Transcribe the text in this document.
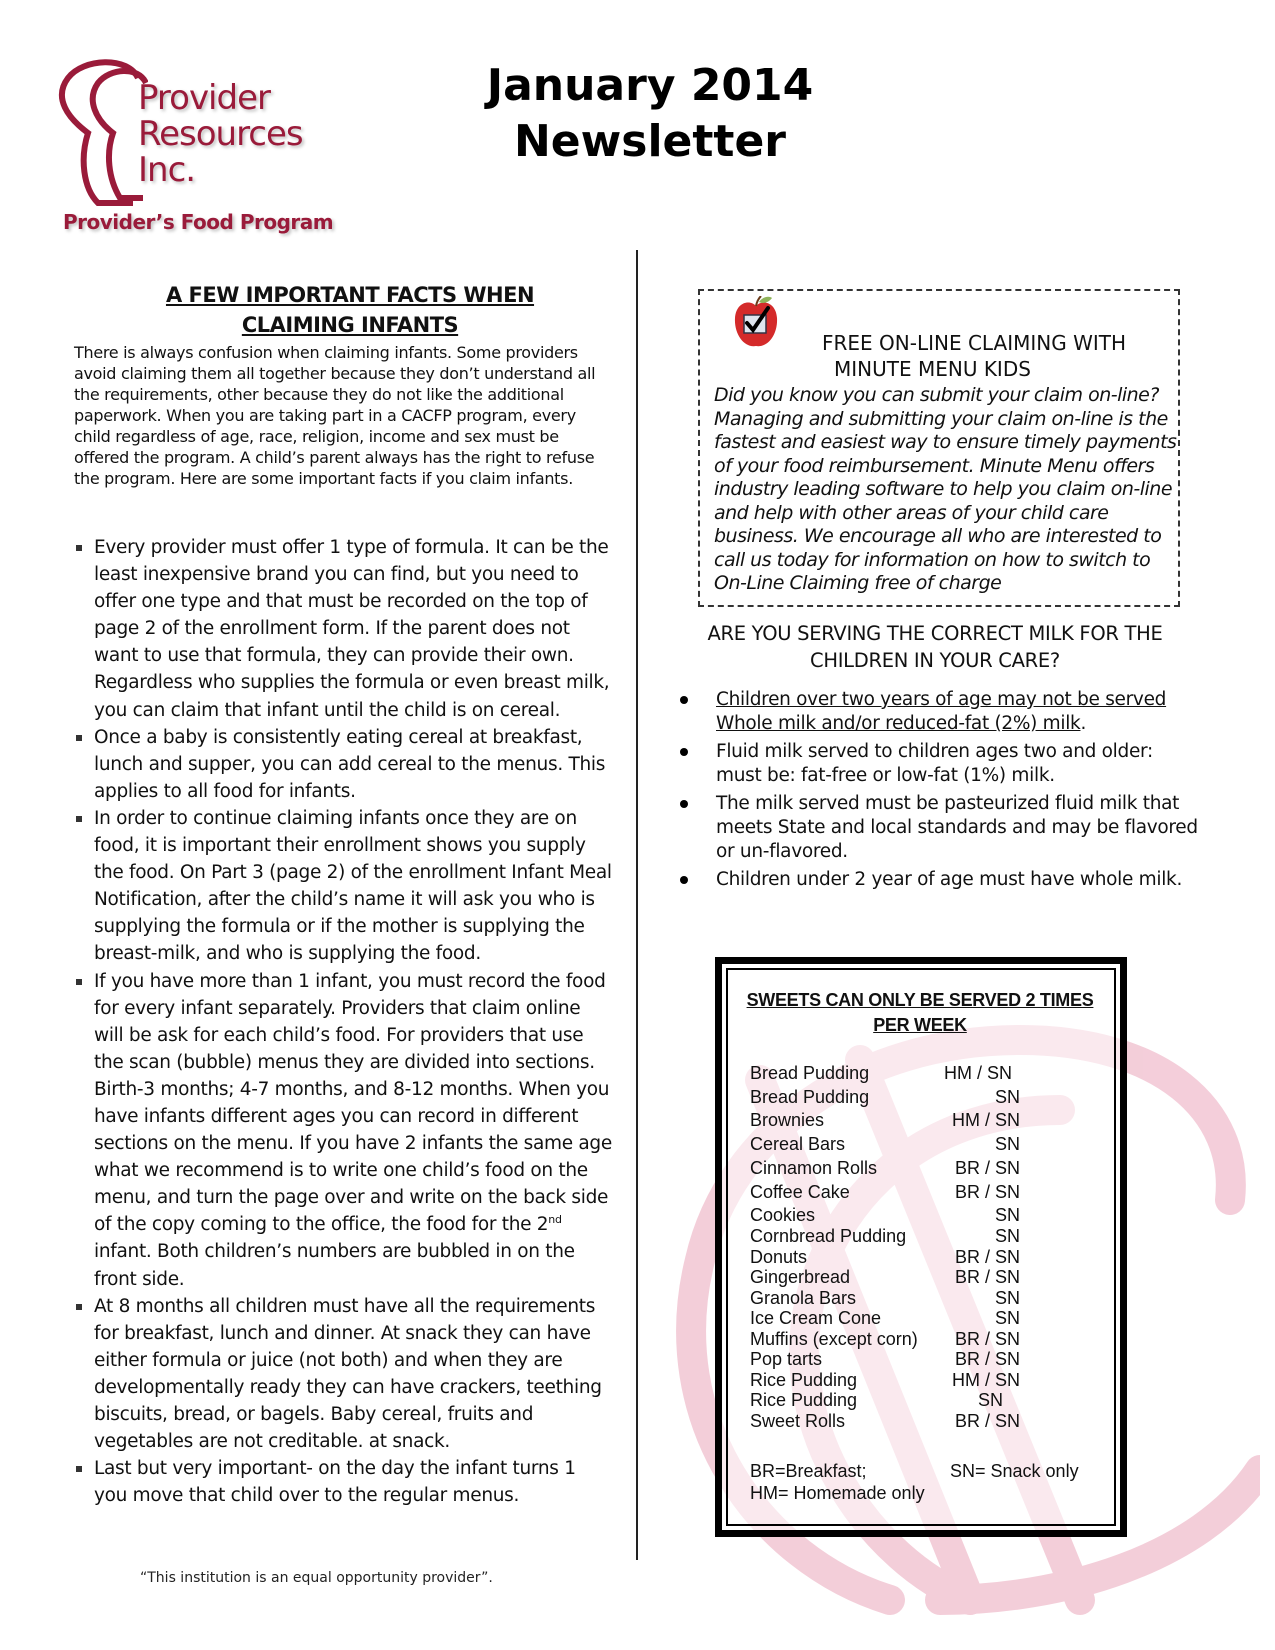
Provider
Resources
Inc.
Provider’s Food Program
January 2014
Newsletter
A FEW IMPORTANT FACTS WHEN
CLAIMING INFANTS
There is always confusion when claiming infants. Some providers avoid claiming them all together because they don’t understand all the requirements, other because they do not like the additional paperwork. When you are taking part in a CACFP program, every child regardless of age, race, religion, income and sex must be offered the program. A child’s parent always has the right to refuse the program. Here are some important facts if you claim infants.
Every provider must offer 1 type of formula. It can be the least inexpensive brand you can find, but you need to offer one type and that must be recorded on the top of page 2 of the enrollment form. If the parent does not want to use that formula, they can provide their own. Regardless who supplies the formula or even breast milk, you can claim that infant until the child is on cereal.
Once a baby is consistently eating cereal at breakfast, lunch and supper, you can add cereal to the menus. This applies to all food for infants.
In order to continue claiming infants once they are on food, it is important their enrollment shows you supply the food. On Part 3 (page 2) of the enrollment Infant Meal Notification, after the child’s name it will ask you who is supplying the formula or if the mother is supplying the breast-milk, and who is supplying the food.
If you have more than 1 infant, you must record the food for every infant separately. Providers that claim online will be ask for each child’s food. For providers that use the scan (bubble) menus they are divided into sections. Birth-3 months; 4-7 months, and 8-12 months. When you have infants different ages you can record in different sections on the menu. If you have 2 infants the same age what we recommend is to write one child’s food on the menu, and turn the page over and write on the back side of the copy coming to the office, the food for the 2nd infant. Both children’s numbers are bubbled in on the front side.
At 8 months all children must have all the requirements for breakfast, lunch and dinner. At snack they can have either formula or juice (not both) and when they are developmentally ready they can have crackers, teething biscuits, bread, or bagels. Baby cereal, fruits and vegetables are not creditable. at snack.
Last but very important- on the day the infant turns 1 you move that child over to the regular menus.
“This institution is an equal opportunity provider”.
FREE ON-LINE CLAIMING WITH
MINUTE MENU KIDS
Did you know you can submit your claim on-line? Managing and submitting your claim on-line is the fastest and easiest way to ensure timely payments of your food reimbursement. Minute Menu offers industry leading software to help you claim on-line and help with other areas of your child care business. We encourage all who are interested to call us today for information on how to switch to On-Line Claiming free of charge
ARE YOU SERVING THE CORRECT MILK FOR THE
CHILDREN IN YOUR CARE?
Children over two years of age may not be served Whole milk and/or reduced-fat (2%) milk.
Fluid milk served to children ages two and older: must be: fat-free or low-fat (1%) milk.
The milk served must be pasteurized fluid milk that meets State and local standards and may be flavored or un-flavored.
Children under 2 year of age must have whole milk.
SWEETS CAN ONLY BE SERVED 2 TIMES
PER WEEK
Bread Pudding	HM / SN
Bread Pudding	SN
Brownies	HM / SN
Cereal Bars	SN
Cinnamon Rolls	BR / SN
Coffee Cake	BR / SN
Cookies	SN
Cornbread Pudding	SN
Donuts	BR / SN
Gingerbread	BR / SN
Granola Bars	SN
Ice Cream Cone	SN
Muffins (except corn) BR / SN
Pop tarts	BR / SN
Rice Pudding	HM / SN
Rice Pudding	SN
Sweet Rolls	BR / SN
BR=Breakfast;	SN= Snack only
HM= Homemade only
